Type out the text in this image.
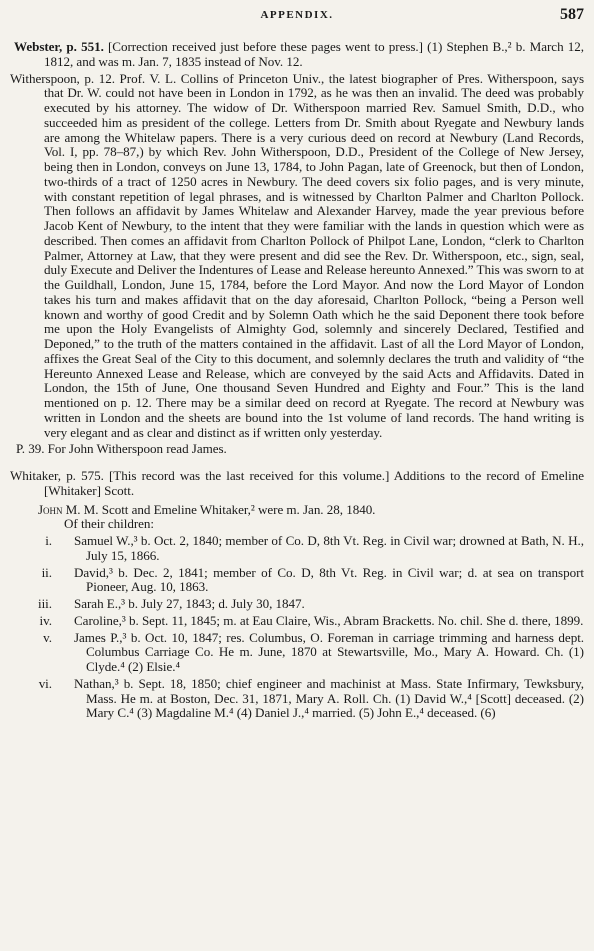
APPENDIX.	587

Webster, p. 551. [Correction received just before these pages went to press.] (1) Stephen B.,² b. March 12, 1812, and was m. Jan. 7, 1835 instead of Nov. 12.

Witherspoon, p. 12. Prof. V. L. Collins of Princeton Univ., the latest biographer of Pres. Witherspoon, says that Dr. W. could not have been in London in 1792, as he was then an invalid. The deed was probably executed by his attorney. The widow of Dr. Witherspoon married Rev. Samuel Smith, D.D., who succeeded him as president of the college. Letters from Dr. Smith about Ryegate and Newbury lands are among the Whitelaw papers. There is a very curious deed on record at Newbury (Land Records, Vol. I, pp. 78–87,) by which Rev. John Witherspoon, D.D., President of the College of New Jersey, being then in London, conveys on June 13, 1784, to John Pagan, late of Greenock, but then of London, two-thirds of a tract of 1250 acres in Newbury. The deed covers six folio pages, and is very minute, with constant repetition of legal phrases, and is witnessed by Charlton Palmer and Charlton Pollock. Then follows an affidavit by James Whitelaw and Alexander Harvey, made the year previous before Jacob Kent of Newbury, to the intent that they were familiar with the lands in question which were as described. Then comes an affidavit from Charlton Pollock of Philpot Lane, London, “clerk to Charlton Palmer, Attorney at Law, that they were present and did see the Rev. Dr. Witherspoon, etc., sign, seal, duly Execute and Deliver the Indentures of Lease and Release hereunto Annexed.” This was sworn to at the Guildhall, London, June 15, 1784, before the Lord Mayor. And now the Lord Mayor of London takes his turn and makes affidavit that on the day aforesaid, Charlton Pollock, “being a Person well known and worthy of good Credit and by Solemn Oath which he the said Deponent there took before me upon the Holy Evangelists of Almighty God, solemnly and sincerely Declared, Testified and Deponed,” to the truth of the matters contained in the affidavit. Last of all the Lord Mayor of London, affixes the Great Seal of the City to this document, and solemnly declares the truth and validity of “the Hereunto Annexed Lease and Release, which are conveyed by the said Acts and Affidavits. Dated in London, the 15th of June, One thousand Seven Hundred and Eighty and Four.” This is the land mentioned on p. 12. There may be a similar deed on record at Ryegate. The record at Newbury was written in London and the sheets are bound into the 1st volume of land records. The hand writing is very elegant and as clear and distinct as if written only yesterday.

P. 39. For John Witherspoon read James.

Whitaker, p. 575. [This record was the last received for this volume.] Additions to the record of Emeline [Whitaker] Scott.

John M. M. Scott and Emeline Whitaker,² were m. Jan. 28, 1840.

Of their children:

i. Samuel W.,³ b. Oct. 2, 1840; member of Co. D, 8th Vt. Reg. in Civil war; drowned at Bath, N. H., July 15, 1866.

ii. David,³ b. Dec. 2, 1841; member of Co. D, 8th Vt. Reg. in Civil war; d. at sea on transport Pioneer, Aug. 10, 1863.

iii. Sarah E.,³ b. July 27, 1843; d. July 30, 1847.

iv. Caroline,³ b. Sept. 11, 1845; m. at Eau Claire, Wis., Abram Bracketts. No. chil. She d. there, 1899.

v. James P.,³ b. Oct. 10, 1847; res. Columbus, O. Foreman in carriage trimming and harness dept. Columbus Carriage Co. He m. June, 1870 at Stewartsville, Mo., Mary A. Howard. Ch. (1) Clyde.⁴ (2) Elsie.⁴

vi. Nathan,³ b. Sept. 18, 1850; chief engineer and machinist at Mass. State Infirmary, Tewksbury, Mass. He m. at Boston, Dec. 31, 1871, Mary A. Roll. Ch. (1) David W.,⁴ [Scott] deceased. (2) Mary C.⁴ (3) Magdaline M.⁴ (4) Daniel J.,⁴ married. (5) John E.,⁴ deceased. (6)
